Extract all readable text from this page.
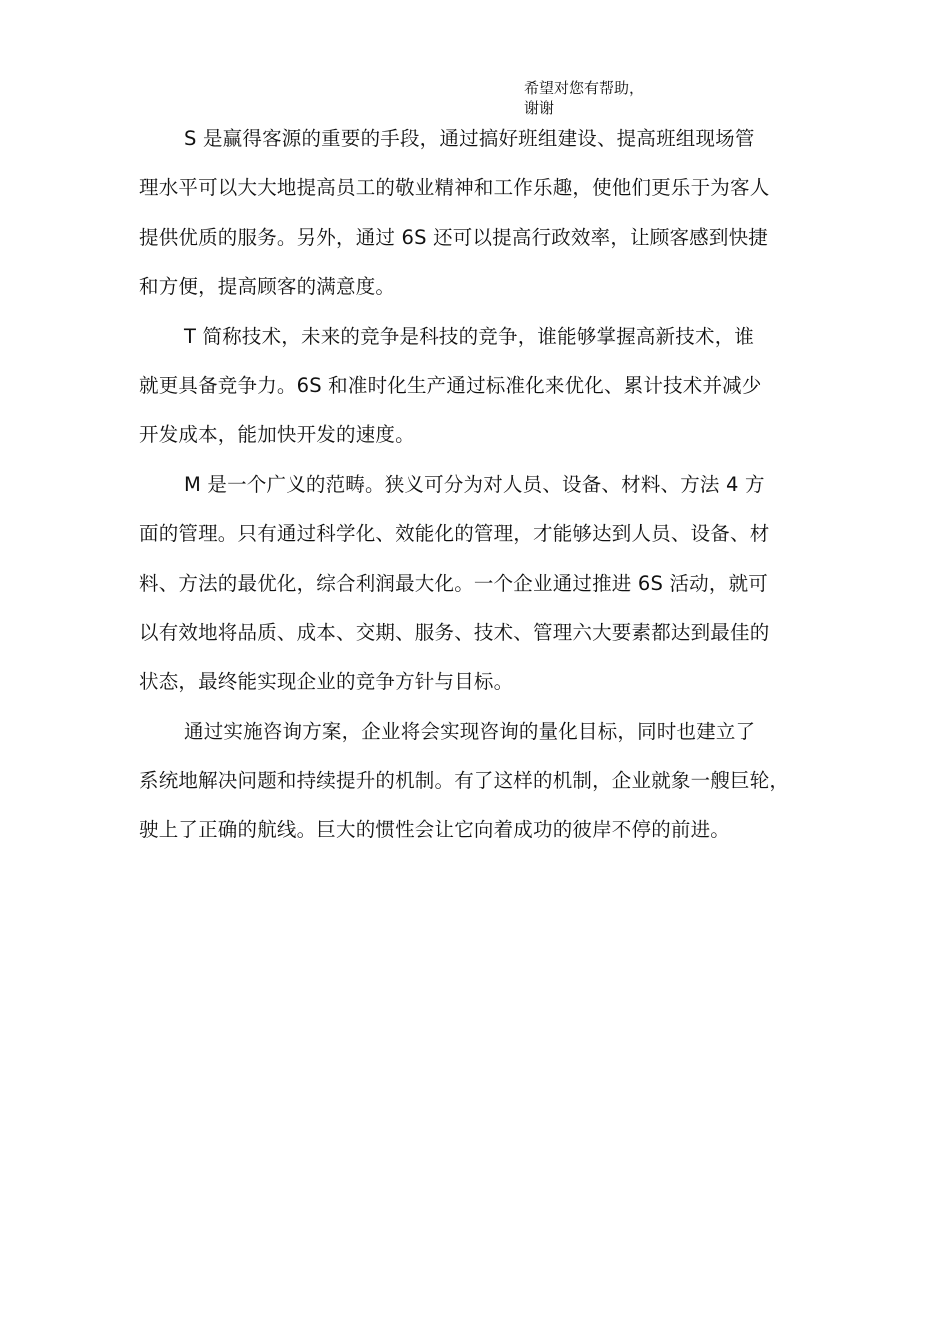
希望对您有帮助，
谢谢
S 是赢得客源的重要的手段，通过搞好班组建设、提高班组现场管
理水平可以大大地提高员工的敬业精神和工作乐趣，使他们更乐于为客人
提供优质的服务。另外，通过 6S 还可以提高行政效率，让顾客感到快捷
和方便，提高顾客的满意度。
T 简称技术，未来的竞争是科技的竞争，谁能够掌握高新技术，谁
就更具备竞争力。6S 和准时化生产通过标准化来优化、累计技术并减少
开发成本，能加快开发的速度。
M 是一个广义的范畴。狭义可分为对人员、设备、材料、方法 4 方
面的管理。只有通过科学化、效能化的管理，才能够达到人员、设备、材
料、方法的最优化，综合利润最大化。一个企业通过推进 6S 活动，就可
以有效地将品质、成本、交期、服务、技术、管理六大要素都达到最佳的
状态，最终能实现企业的竞争方针与目标。
通过实施咨询方案，企业将会实现咨询的量化目标，同时也建立了
系统地解决问题和持续提升的机制。有了这样的机制，企业就象一艘巨轮，
驶上了正确的航线。巨大的惯性会让它向着成功的彼岸不停的前进。
